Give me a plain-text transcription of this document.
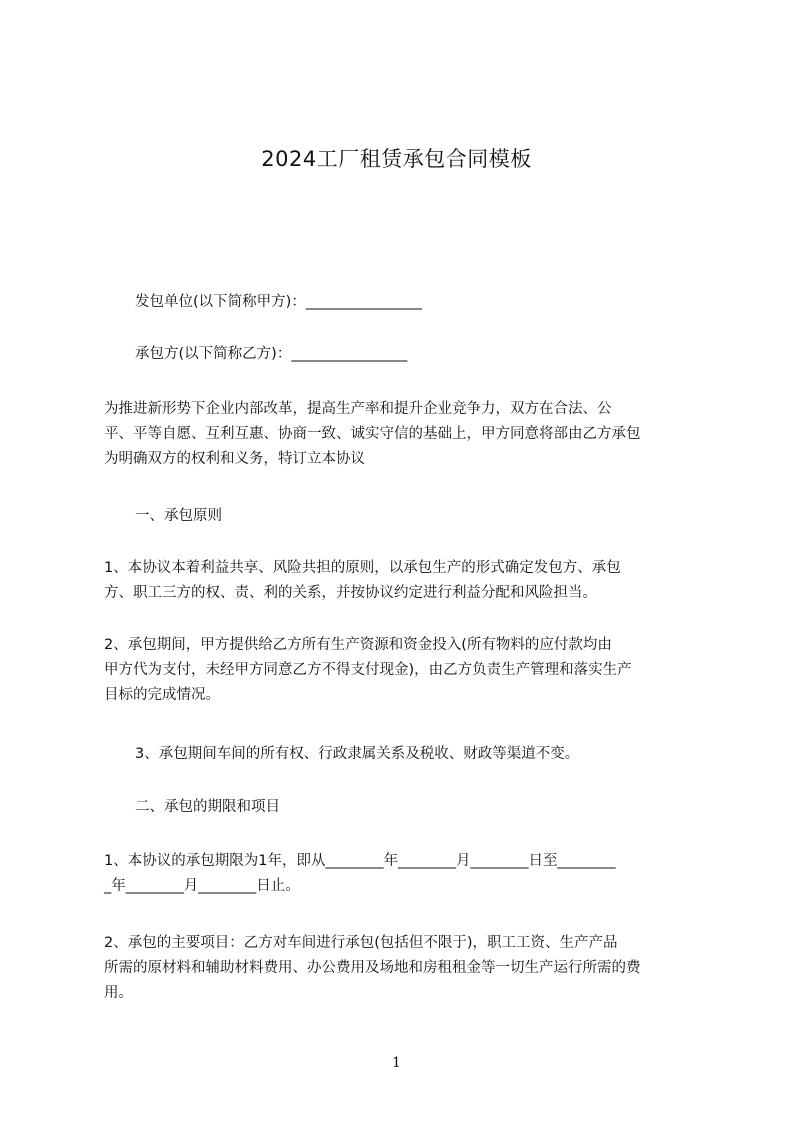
2024工厂租赁承包合同模板
发包单位(以下简称甲方)：________________
承包方(以下简称乙方)：________________
为推进新形势下企业内部改革，提高生产率和提升企业竞争力，双方在合法、公
平、平等自愿、互利互惠、协商一致、诚实守信的基础上，甲方同意将部由乙方承包
为明确双方的权利和义务，特订立本协议
一、承包原则
1、本协议本着利益共享、风险共担的原则，以承包生产的形式确定发包方、承包
方、职工三方的权、责、利的关系，并按协议约定进行利益分配和风险担当。
2、承包期间，甲方提供给乙方所有生产资源和资金投入(所有物料的应付款均由
甲方代为支付，未经甲方同意乙方不得支付现金)，由乙方负责生产管理和落实生产
目标的完成情况。
3、承包期间车间的所有权、行政隶属关系及税收、财政等渠道不变。
二、承包的期限和项目
1、本协议的承包期限为1年，即从________年________月________日至________
_年________月________日止。
2、承包的主要项目：乙方对车间进行承包(包括但不限于)，职工工资、生产产品
所需的原材料和辅助材料费用、办公费用及场地和房租租金等一切生产运行所需的费
用。
1
